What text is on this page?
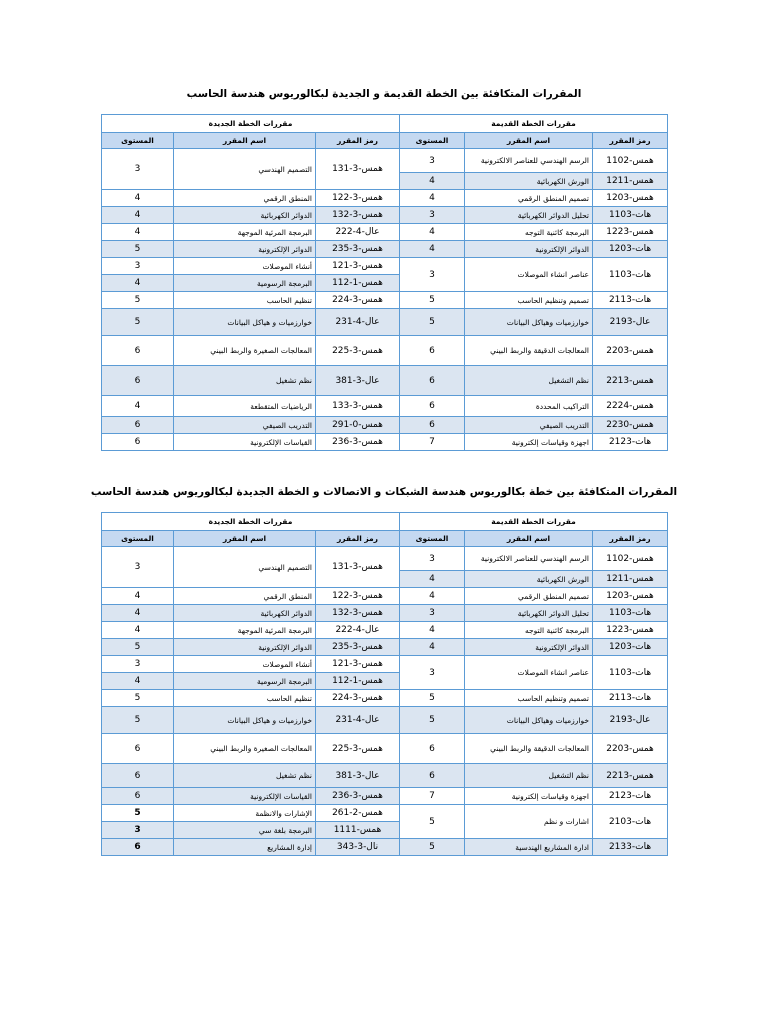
المقررات المتكافئة بين الخطة القديمة و الجديدة لبكالوريوس هندسة الحاسب
مقررات الخطة القديمة			مقررات الخطة الجديدة		
رمز المقرر	اسم المقرر	المستوى	رمز المقرر	اسم المقرر	المستوى
همس-1102	الرسم الهندسي للعناصر الالكترونية	3	همس-3-131	التصميم الهندسي	3
همس-1211	الورش الكهربائية	4			
همس-1203	تصميم المنطق الرقمي	4	همس-3-122	المنطق الرقمي	4
هات-1103	تحليل الدوائر الكهربائية	3	همس-3-132	الدوائر الكهربائية	4
همس-1223	البرمجة كائنية التوجه	4	عال-4-222	البرمجة المرئية الموجهة	4
هات-1203	الدوائر الإلكترونية	4	همس-3-235	الدوائر الإلكترونية	5
هات-1103	عناصر انشاء الموصلات	3	همس-3-121	أنشاء الموصلات	3
			همس-1-112	البرمجة الرسومية	4
هات-2113	تصميم وتنظيم الحاسب	5	همس-3-224	تنظيم الحاسب	5
عال-2193	خوارزميات وهياكل البيانات	5	عال-4-231	خوارزميات و هياكل البيانات	5
همس-2203	المعالجات الدقيقة والربط البيني	6	همس-3-225	المعالجات الصغيرة والربط البيني	6
همس-2213	نظم التشغيل	6	عال-3-381	نظم تشغيل	6
همس-2224	التراكيب المحددة	6	همس-3-133	الرياضيات المتقطعة	4
همس-2230	التدريب الصيفي	6	همس-0-291	التدريب الصيفي	6
هات-2123	اجهزة وقياسات إلكترونية	7	همس-3-236	القياسات الإلكترونية	6
المقررات المتكافئة بين خطة بكالوريوس هندسة الشبكات و الاتصالات و الخطة الجديدة لبكالوريوس هندسة الحاسب
مقررات الخطة القديمة			مقررات الخطة الجديدة		
رمز المقرر	اسم المقرر	المستوى	رمز المقرر	اسم المقرر	المستوى
همس-1102	الرسم الهندسي للعناصر الالكترونية	3	همس-3-131	التصميم الهندسي	3
همس-1211	الورش الكهربائية	4			
همس-1203	تصميم المنطق الرقمي	4	همس-3-122	المنطق الرقمي	4
هات-1103	تحليل الدوائر الكهربائية	3	همس-3-132	الدوائر الكهربائية	4
همس-1223	البرمجة كائنية التوجه	4	عال-4-222	البرمجة المرئية الموجهة	4
هات-1203	الدوائر الإلكترونية	4	همس-3-235	الدوائر الإلكترونية	5
هات-1103	عناصر انشاء الموصلات	3	همس-3-121	أنشاء الموصلات	3
			همس-1-112	البرمجة الرسومية	4
هات-2113	تصميم وتنظيم الحاسب	5	همس-3-224	تنظيم الحاسب	5
عال-2193	خوارزميات وهياكل البيانات	5	عال-4-231	خوارزميات و هياكل البيانات	5
همس-2203	المعالجات الدقيقة والربط البيني	6	همس-3-225	المعالجات الصغيرة والربط البيني	6
همس-2213	نظم التشغيل	6	عال-3-381	نظم تشغيل	6
هات-2123	اجهزة وقياسات إلكترونية	7	همس-3-236	القياسات الإلكترونية	6
هات-2103	اشارات و نظم	5	همس-2-261	الإشارات والانظمة	5
			همس-1111	البرمجة بلغة سي	3
هات-2133	ادارة المشاريع الهندسية	5	نال-3-343	إدارة المشاريع	6
